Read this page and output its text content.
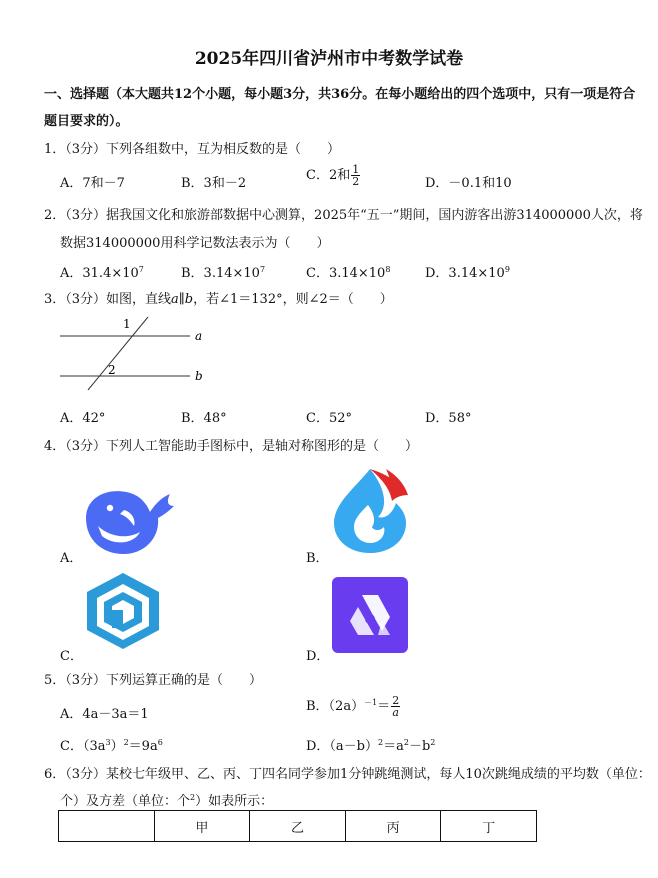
2025年四川省泸州市中考数学试卷
一、选择题（本大题共12个小题，每小题3分，共36分。在每小题给出的四个选项中，只有一项是符合
题目要求的）。
1．（3分）下列各组数中，互为相反数的是（　　）
A．7和－7	B．3和－2
C．2和 $\frac{1}{2}$	D．－0.1和10
2．（3分）据我国文化和旅游部数据中心测算，2025年“五一”期间，国内游客出游314000000人次，将
数据314000000用科学记数法表示为（　　）
A．$31.4\times 10^7$	B．$3.14\times 10^7$	C．$3.14\times 10^8$	D．$3.14\times 10^9$
3．（3分）如图，直线a∥b，若∠1＝132°，则∠2＝（　　）
1
2
a
b
A．42°	B．48°	C．52°	D．58°
4．（3分）下列人工智能助手图标中，是轴对称图形的是（　　）
A．	B．
C．	D．
5．（3分）下列运算正确的是（　　）
A．4a－3a＝1
B．$(2a)^{-1}= \frac{2}{a}$
C．$(3a^3)^2=9a^6$	D．$(a-b)^2=a^2-b^2$
6．（3分）某校七年级甲、乙、丙、丁四名同学参加1分钟跳绳测试，每人10次跳绳成绩的平均数（单位：
个）及方差（单位：个$^2$）如表所示：
	甲	乙	丙	丁
